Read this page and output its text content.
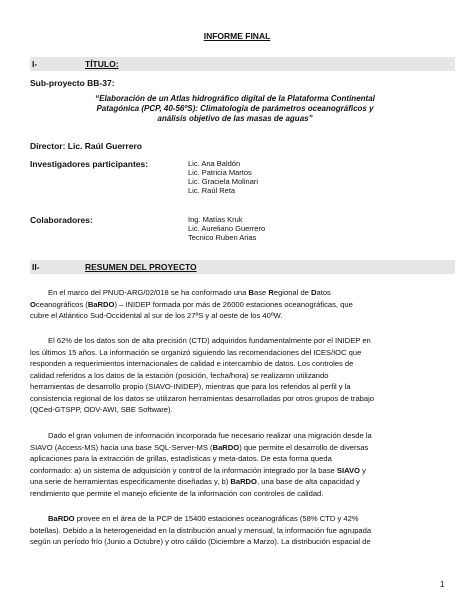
INFORME FINAL
I-	TÍTULO:
Sub-proyecto BB-37:
“Elaboración de un Atlas hidrográfico digital de la Plataforma Continental
Patagónica (PCP, 40-56ºS): Climatología de parámetros oceanográficos y
análisis objetivo de las masas de aguas”
Director: Lic. Raúl Guerrero
Investigadores participantes:	Lic. Ana Baldón
Lic. Patricia Martos
Lic. Graciela Molinari
Lic. Raúl Reta
Colaboradores:	Ing. Matías Kruk
Lic. Aureliano Guerrero
Tecnico Ruben Arias
II-	RESUMEN DEL PROYECTO
En el marco del PNUD-ARG/02/018 se ha conformado una Base Regional de Datos
Oceanográficos (BaRDO) – INIDEP formada por más de 26000 estaciones oceanográficas, que
cubre el Atlántico Sud-Occidental al sur de los 27ºS y al oeste de los 40ºW.
El 62% de los datos son de alta precisión (CTD) adquiridos fundamentalmente por el INIDEP en
los últimos 15 años. La información se organizó siguiendo las recomendaciones del ICES/IOC que
responden a requerimientos internacionales de calidad e intercambio de datos. Los controles de
calidad referidos a los datos de la estación (posición, fecha/hora) se realizaron utilizando
herramientas de desarrollo propio (SIAVO-INIDEP), mientras que para los referidos al perfil y la
consistencia regional de los datos se utilizaron herramientas desarrolladas por otros grupos de trabajo
(QCed-GTSPP, ODV-AWI, SBE Software).
Dado el gran volumen de información incorporada fue necesario realizar una migración desde la
SIAVO (Access-MS) hacia una base SQL-Server-MS (BaRDO) que permite el desarrollo de diversas
aplicaciones para la extracción de grillas, estadísticas y meta-datos. De esta forma queda
conformado: a) un sistema de adquisición y control de la información integrado por la base SIAVO y
una serie de herramientas especificamente diseñadas y, b) BaRDO, una base de alta capacidad y
rendimiento que permite el manejo eficiente de la información con controles de calidad.
BaRDO provee en el área de la PCP de 15400 estaciones oceanográficas (58% CTD y 42%
botellas). Debido a la heterogeneidad en la distribución anual y mensual, la información fue agrupada
según un período frío (Junio a Octubre) y otro cálido (Diciembre a Marzo). La distribución espacial de
1
